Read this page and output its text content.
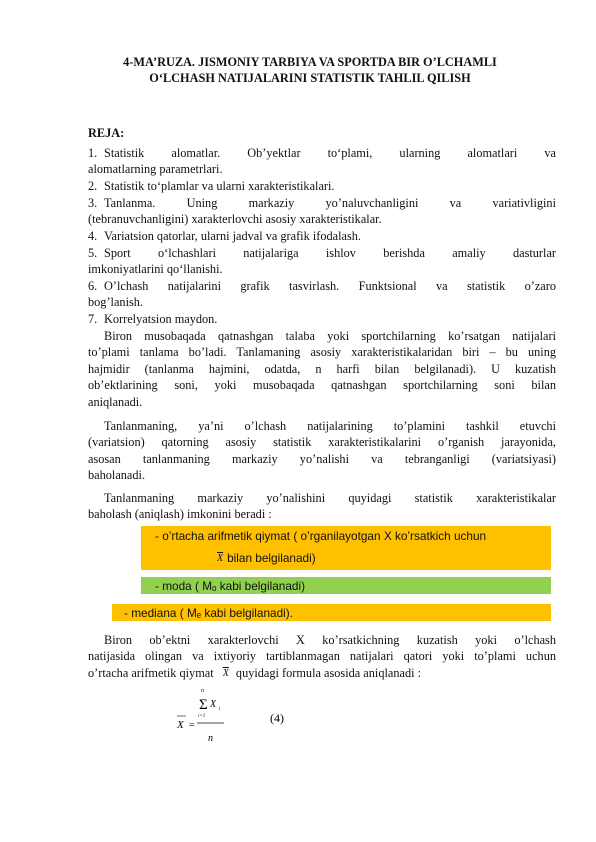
4-MA’RUZA. JISMONIY TARBIYA VA SPORTDA BIR O’LCHAMLI
O‘LCHASH NATIJALARINI STATISTIK TAHLIL QILISH
REJA:
1. Statistik alomatlar. Ob’yektlar to‘plami, ularning alomatlari va
alomatlarning parametrlari.
2. Statistik to‘plamlar va ularni xarakteristikalari.
3. Tanlanma. Uning markaziy yo’naluvchanligini va variativligini
(tebranuvchanligini) xarakterlovchi asosiy xarakteristikalar.
4. Variatsion qatorlar, ularni jadval va grafik ifodalash.
5. Sport o‘lchashlari natijalariga ishlov berishda amaliy dasturlar
imkoniyatlarini qo‘llanishi.
6. O’lchash natijalarini grafik tasvirlash. Funktsional va statistik o’zaro
bog’lanish.
7. Korrelyatsion maydon.
Biron musobaqada qatnashgan talaba yoki sportchilarning ko’rsatgan natijalari
to’plami tanlama bo’ladi. Tanlamaning asosiy xarakteristikalaridan biri – bu uning
hajmidir (tanlanma hajmini, odatda, n harfi bilan belgilanadi). U kuzatish
ob’ektlarining soni, yoki musobaqada qatnashgan sportchilarning soni bilan
aniqlanadi.
Tanlanmaning, ya’ni o’lchash natijalarining to’plamini tashkil etuvchi
(variatsion) qatorning asosiy statistik xarakteristikalarini o’rganish jarayonida,
asosan tanlanmaning markaziy yo’nalishi va tebranganligi (variatsiyasi)
baholanadi.
Tanlanmaning markaziy yo’nalishini quyidagi statistik xarakteristikalar
baholash (aniqlash) imkonini beradi :
- o’rtacha arifmetik qiymat ( o’rganilayotgan X ko’rsatkich uchun
$\overline{X}$ bilan belgilanadi)
- moda ( Mₒ kabi belgilanadi)
- mediana ( Mₑ kabi belgilanadi).
Biron ob’ektni xarakterlovchi X ko’rsatkichning kuzatish yoki o’lchash
natijasida olingan va ixtiyoriy tartiblanmagan natijalari qatori yoki to’plami uchun
o’rtacha arifmetik qiymat $\overline{X}$ quyidagi formula asosida aniqlanadi :
X =
n
Σ X i
i=1
n
(4)
